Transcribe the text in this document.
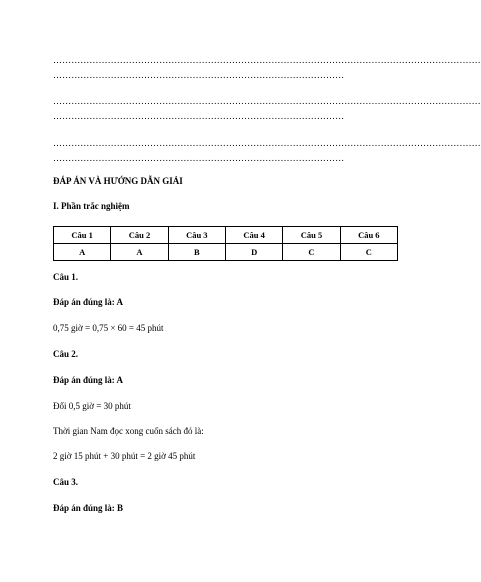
……………………………………………………………………………………………………………………………
……………………………………………………………………………………
……………………………………………………………………………………………………………………………
……………………………………………………………………………………
……………………………………………………………………………………………………………………………
……………………………………………………………………………………
ĐÁP ÁN VÀ HƯỚNG DẪN GIẢI
I. Phần trắc nghiệm
Câu 1	Câu 2	Câu 3	Câu 4	Câu 5	Câu 6
A	A	B	D	C	C
Câu 1.
Đáp án đúng là: A
0,75 giờ = 0,75 × 60 = 45 phút
Câu 2.
Đáp án đúng là: A
Đổi 0,5 giờ = 30 phút
Thời gian Nam đọc xong cuốn sách đó là:
2 giờ 15 phút + 30 phút = 2 giờ 45 phút
Câu 3.
Đáp án đúng là: B
